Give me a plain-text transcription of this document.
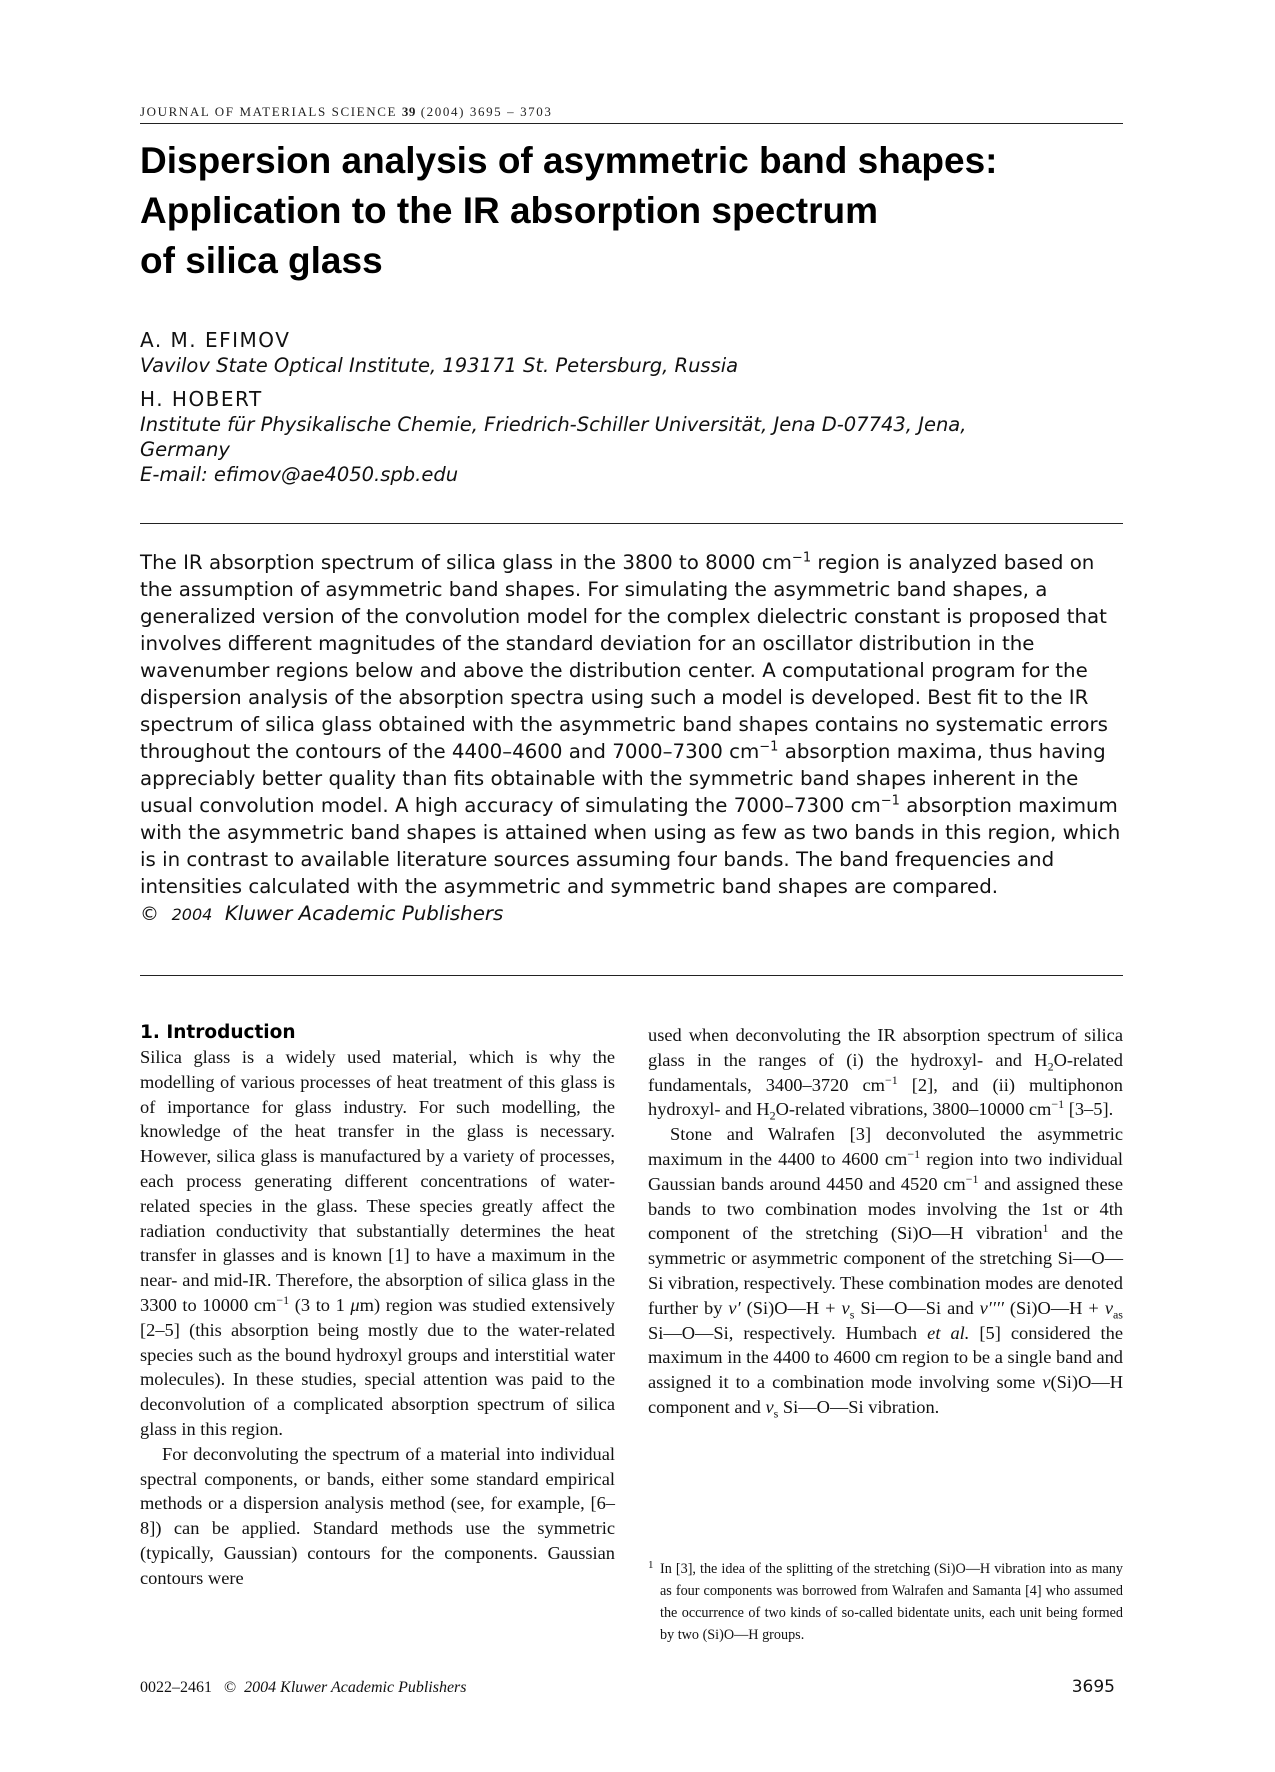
JOURNAL OF MATERIALS SCIENCE 39 (2004) 3695 – 3703
Dispersion analysis of asymmetric band shapes:
Application to the IR absorption spectrum
of silica glass
A. M. EFIMOV
Vavilov State Optical Institute, 193171 St. Petersburg, Russia
H. HOBERT
Institute für Physikalische Chemie, Friedrich-Schiller Universität, Jena D-07743, Jena,
Germany
E-mail: efimov@ae4050.spb.edu
The IR absorption spectrum of silica glass in the 3800 to 8000 $cm^{-1}$ region is analyzed based on the assumption of asymmetric band shapes. For simulating the asymmetric band shapes, a generalized version of the convolution model for the complex dielectric constant is proposed that involves different magnitudes of the standard deviation for an oscillator distribution in the wavenumber regions below and above the distribution center. A computational program for the dispersion analysis of the absorption spectra using such a model is developed. Best fit to the IR spectrum of silica glass obtained with the asymmetric band shapes contains no systematic errors throughout the contours of the 4400–4600 and 7000–7300 $cm^{-1}$ absorption maxima, thus having appreciably better quality than fits obtainable with the symmetric band shapes inherent in the usual convolution model. A high accuracy of simulating the 7000–7300 $cm^{-1}$ absorption maximum with the asymmetric band shapes is attained when using as few as two bands in this region, which is in contrast to available literature sources assuming four bands. The band frequencies and intensities calculated with the asymmetric and symmetric band shapes are compared.
© 2004 Kluwer Academic Publishers
1. Introduction

Silica glass is a widely used material, which is why the modelling of various processes of heat treatment of this glass is of importance for glass industry. For such modelling, the knowledge of the heat transfer in the glass is necessary. However, silica glass is manufactured by a variety of processes, each process generating different concentrations of water-related species in the glass. These species greatly affect the radiation conductivity that substantially determines the heat transfer in glasses and is known [1] to have a maximum in the near- and mid-IR. Therefore, the absorption of silica glass in the 3300 to 10000 $cm^{-1}$ (3 to 1 μm) region was studied extensively [2–5] (this absorption being mostly due to the water-related species such as the bound hydroxyl groups and interstitial water molecules). In these studies, special attention was paid to the deconvolution of a complicated absorption spectrum of silica glass in this region.

For deconvoluting the spectrum of a material into individual spectral components, or bands, either some standard empirical methods or a dispersion analysis method (see, for example, [6–8]) can be applied. Standard methods use the symmetric (typically, Gaussian) contours for the components. Gaussian contours were

used when deconvoluting the IR absorption spectrum of silica glass in the ranges of (i) the hydroxyl- and $H_2O$-related fundamentals, 3400–3720 $cm^{-1}$ [2], and (ii) multiphonon hydroxyl- and $H_2O$-related vibrations, 3800–10000 $cm^{-1}$ [3–5].

Stone and Walrafen [3] deconvoluted the asymmetric maximum in the 4400 to 4600 $cm^{-1}$ region into two individual Gaussian bands around 4450 and 4520 $cm^{-1}$ and assigned these bands to two combination modes involving the 1st or 4th component of the stretching (Si)O—H vibration$^1$ and the symmetric or asymmetric component of the stretching Si—O—Si vibration, respectively. These combination modes are denoted further by ν′ (Si)O—H + $\nu_s$ Si—O—Si and ν′′′′ (Si)O—H + $\nu_{as}$ Si—O—Si, respectively. Humbach et al. [5] considered the maximum in the 4400 to 4600 cm region to be a single band and assigned it to a combination mode involving some ν(Si)O—H component and $\nu_s$ Si—O—Si vibration.

1 In [3], the idea of the splitting of the stretching (Si)O—H vibration into as many as four components was borrowed from Walrafen and Samanta [4] who assumed the occurrence of two kinds of so-called bidentate units, each unit being formed by two (Si)O—H groups.
0022–2461 © 2004 Kluwer Academic Publishers	3695
